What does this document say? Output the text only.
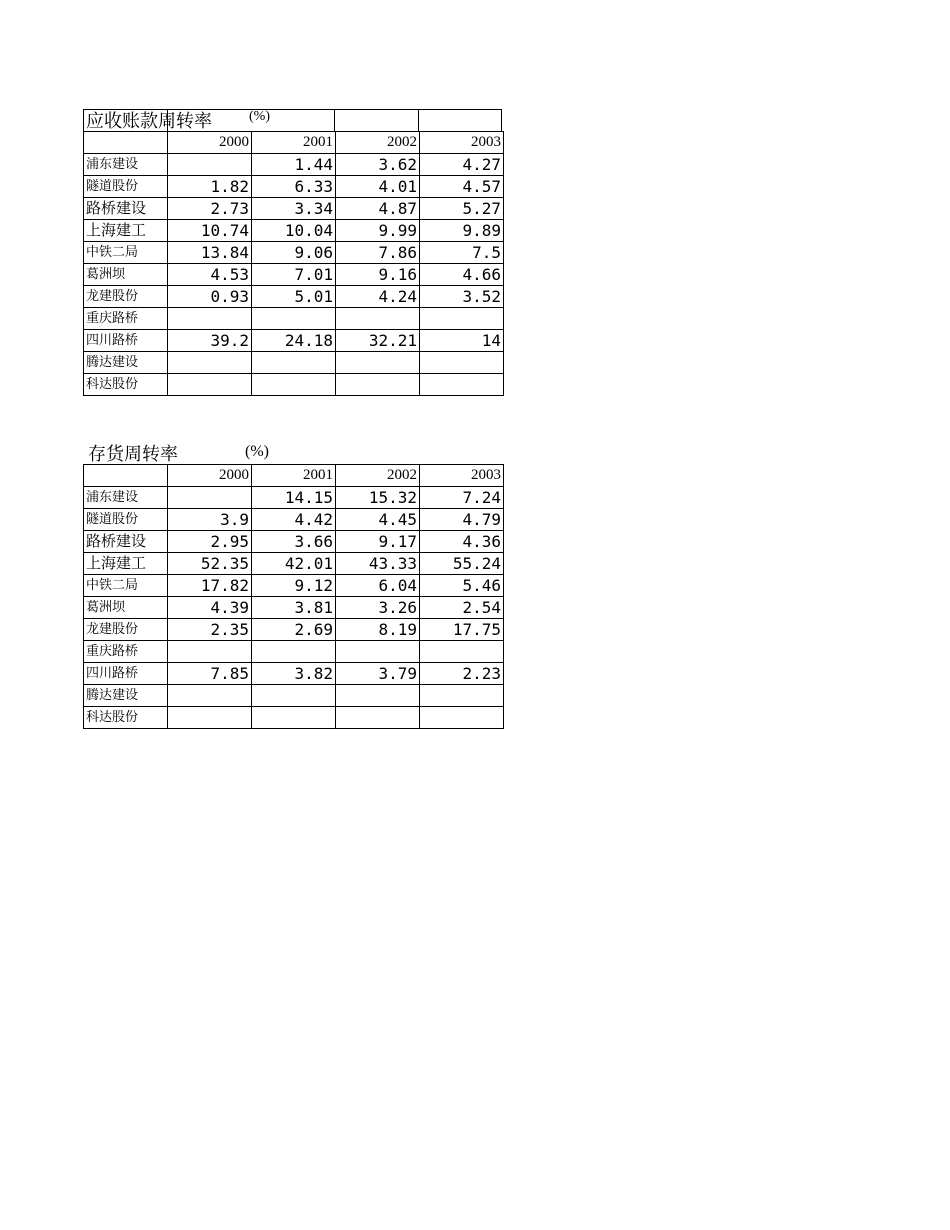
应收账款周转率	(%)
	2000	2001	2002	2003
浦东建设		1.44	3.62	4.27
隧道股份	1.82	6.33	4.01	4.57
路桥建设	2.73	3.34	4.87	5.27
上海建工	10.74	10.04	9.99	9.89
中铁二局	13.84	9.06	7.86	7.5
葛洲坝	4.53	7.01	9.16	4.66
龙建股份	0.93	5.01	4.24	3.52
重庆路桥				
四川路桥	39.2	24.18	32.21	14
腾达建设				
科达股份				
存货周转率	(%)
	2000	2001	2002	2003
浦东建设		14.15	15.32	7.24
隧道股份	3.9	4.42	4.45	4.79
路桥建设	2.95	3.66	9.17	4.36
上海建工	52.35	42.01	43.33	55.24
中铁二局	17.82	9.12	6.04	5.46
葛洲坝	4.39	3.81	3.26	2.54
龙建股份	2.35	2.69	8.19	17.75
重庆路桥				
四川路桥	7.85	3.82	3.79	2.23
腾达建设				
科达股份				
